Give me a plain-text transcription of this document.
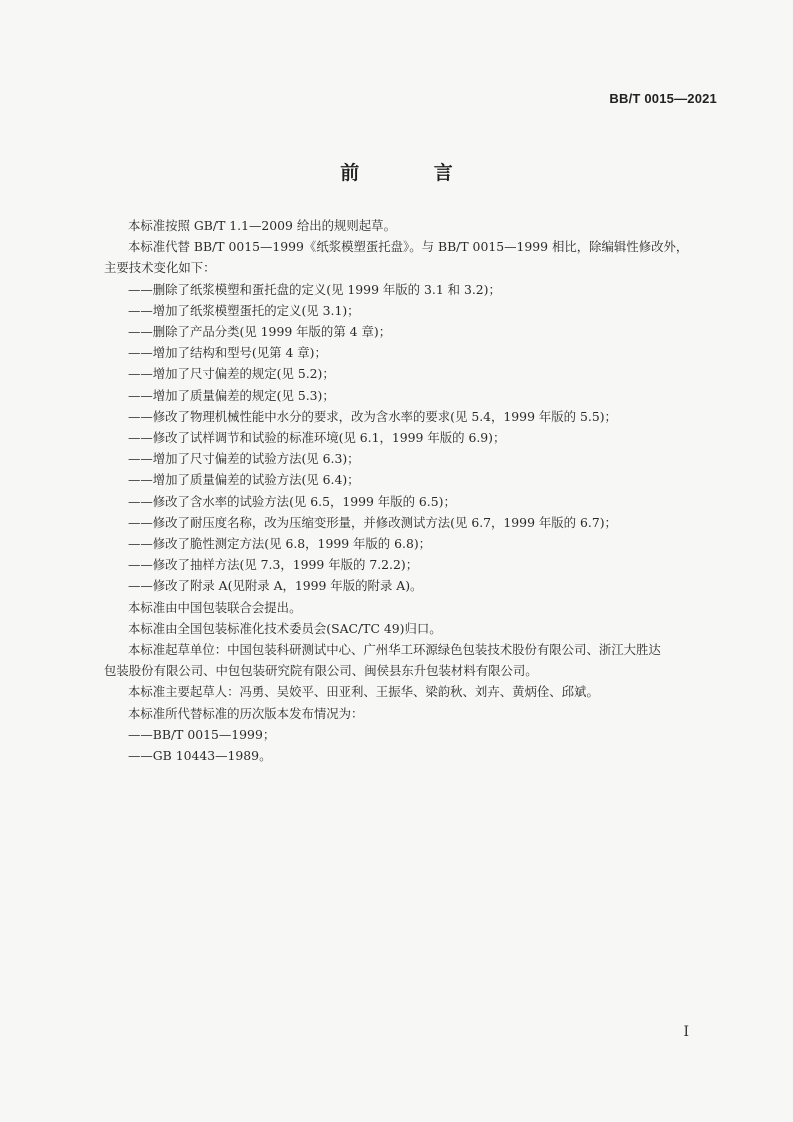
BB/T 0015—2021
前 言
本标准按照 GB/T 1.1—2009 给出的规则起草。
本标准代替 BB/T 0015—1999《纸浆模塑蛋托盘》。与 BB/T 0015—1999 相比，除编辑性修改外，
主要技术变化如下：
——删除了纸浆模塑和蛋托盘的定义(见 1999 年版的 3.1 和 3.2)；
——增加了纸浆模塑蛋托的定义(见 3.1)；
——删除了产品分类(见 1999 年版的第 4 章)；
——增加了结构和型号(见第 4 章)；
——增加了尺寸偏差的规定(见 5.2)；
——增加了质量偏差的规定(见 5.3)；
——修改了物理机械性能中水分的要求，改为含水率的要求(见 5.4，1999 年版的 5.5)；
——修改了试样调节和试验的标准环境(见 6.1，1999 年版的 6.9)；
——增加了尺寸偏差的试验方法(见 6.3)；
——增加了质量偏差的试验方法(见 6.4)；
——修改了含水率的试验方法(见 6.5，1999 年版的 6.5)；
——修改了耐压度名称，改为压缩变形量，并修改测试方法(见 6.7，1999 年版的 6.7)；
——修改了脆性测定方法(见 6.8，1999 年版的 6.8)；
——修改了抽样方法(见 7.3，1999 年版的 7.2.2)；
——修改了附录 A(见附录 A，1999 年版的附录 A)。
本标准由中国包装联合会提出。
本标准由全国包装标准化技术委员会(SAC/TC 49)归口。
本标准起草单位：中国包装科研测试中心、广州华工环源绿色包装技术股份有限公司、浙江大胜达
包装股份有限公司、中包包装研究院有限公司、闽侯县东升包装材料有限公司。
本标准主要起草人：冯勇、吴姣平、田亚利、王振华、梁韵秋、刘卉、黄炳佺、邱斌。
本标准所代替标准的历次版本发布情况为：
——BB/T 0015—1999；
——GB 10443—1989。
I
